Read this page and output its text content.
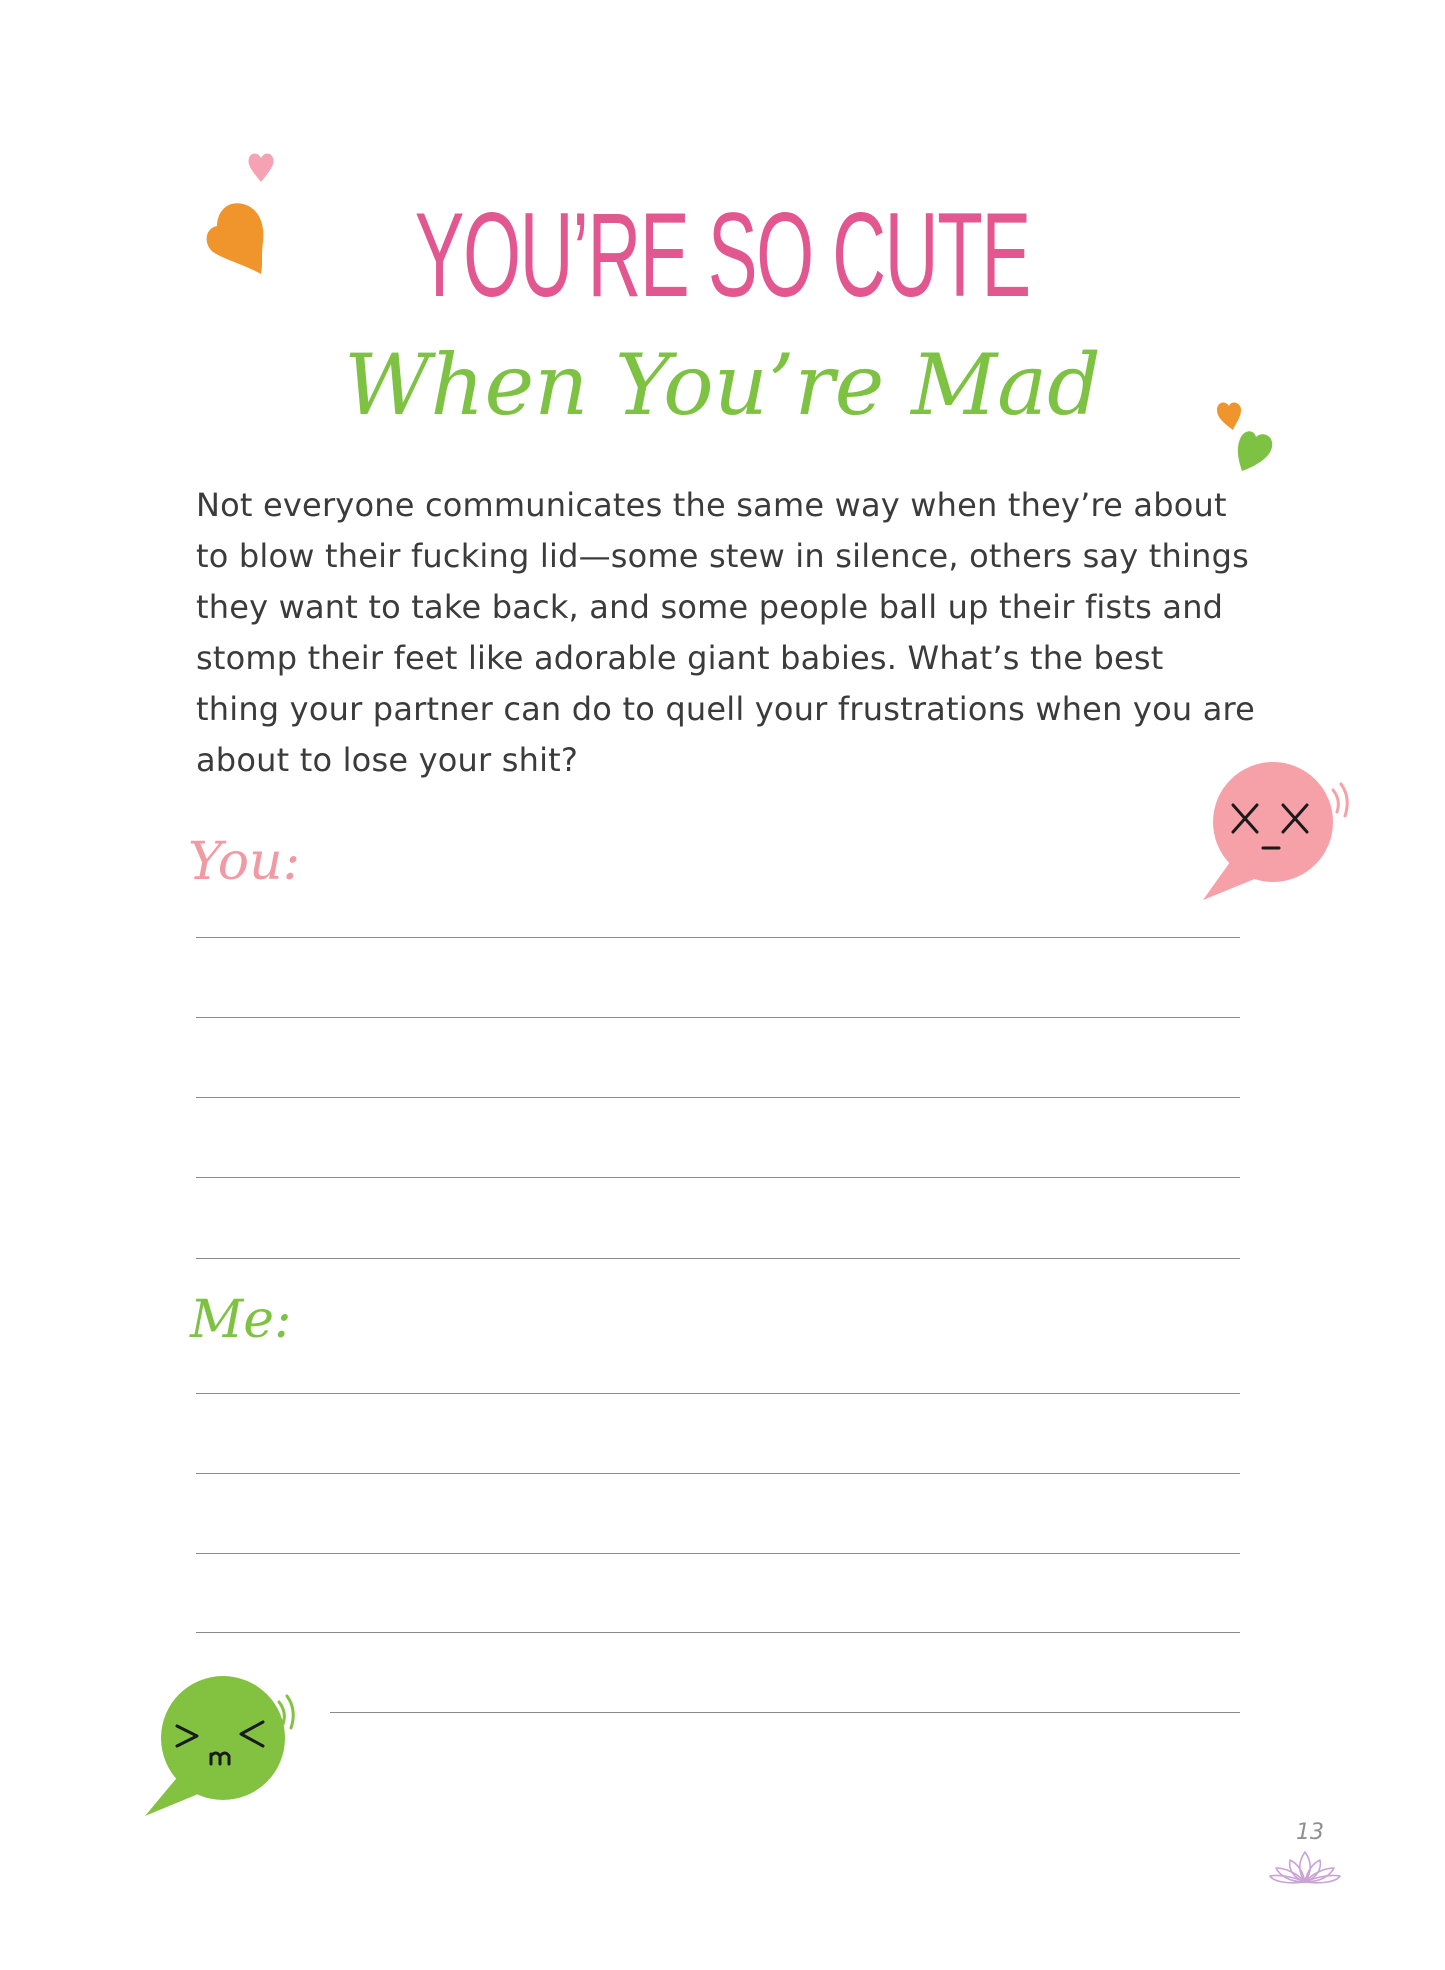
YOU’RE SO CUTE
When You’re Mad
Not everyone communicates the same way when they’re about to blow their fucking lid—some stew in silence, others say things they want to take back, and some people ball up their fists and stomp their feet like adorable giant babies. What’s the best thing your partner can do to quell your frustrations when you are about to lose your shit?
You:
Me:
13
